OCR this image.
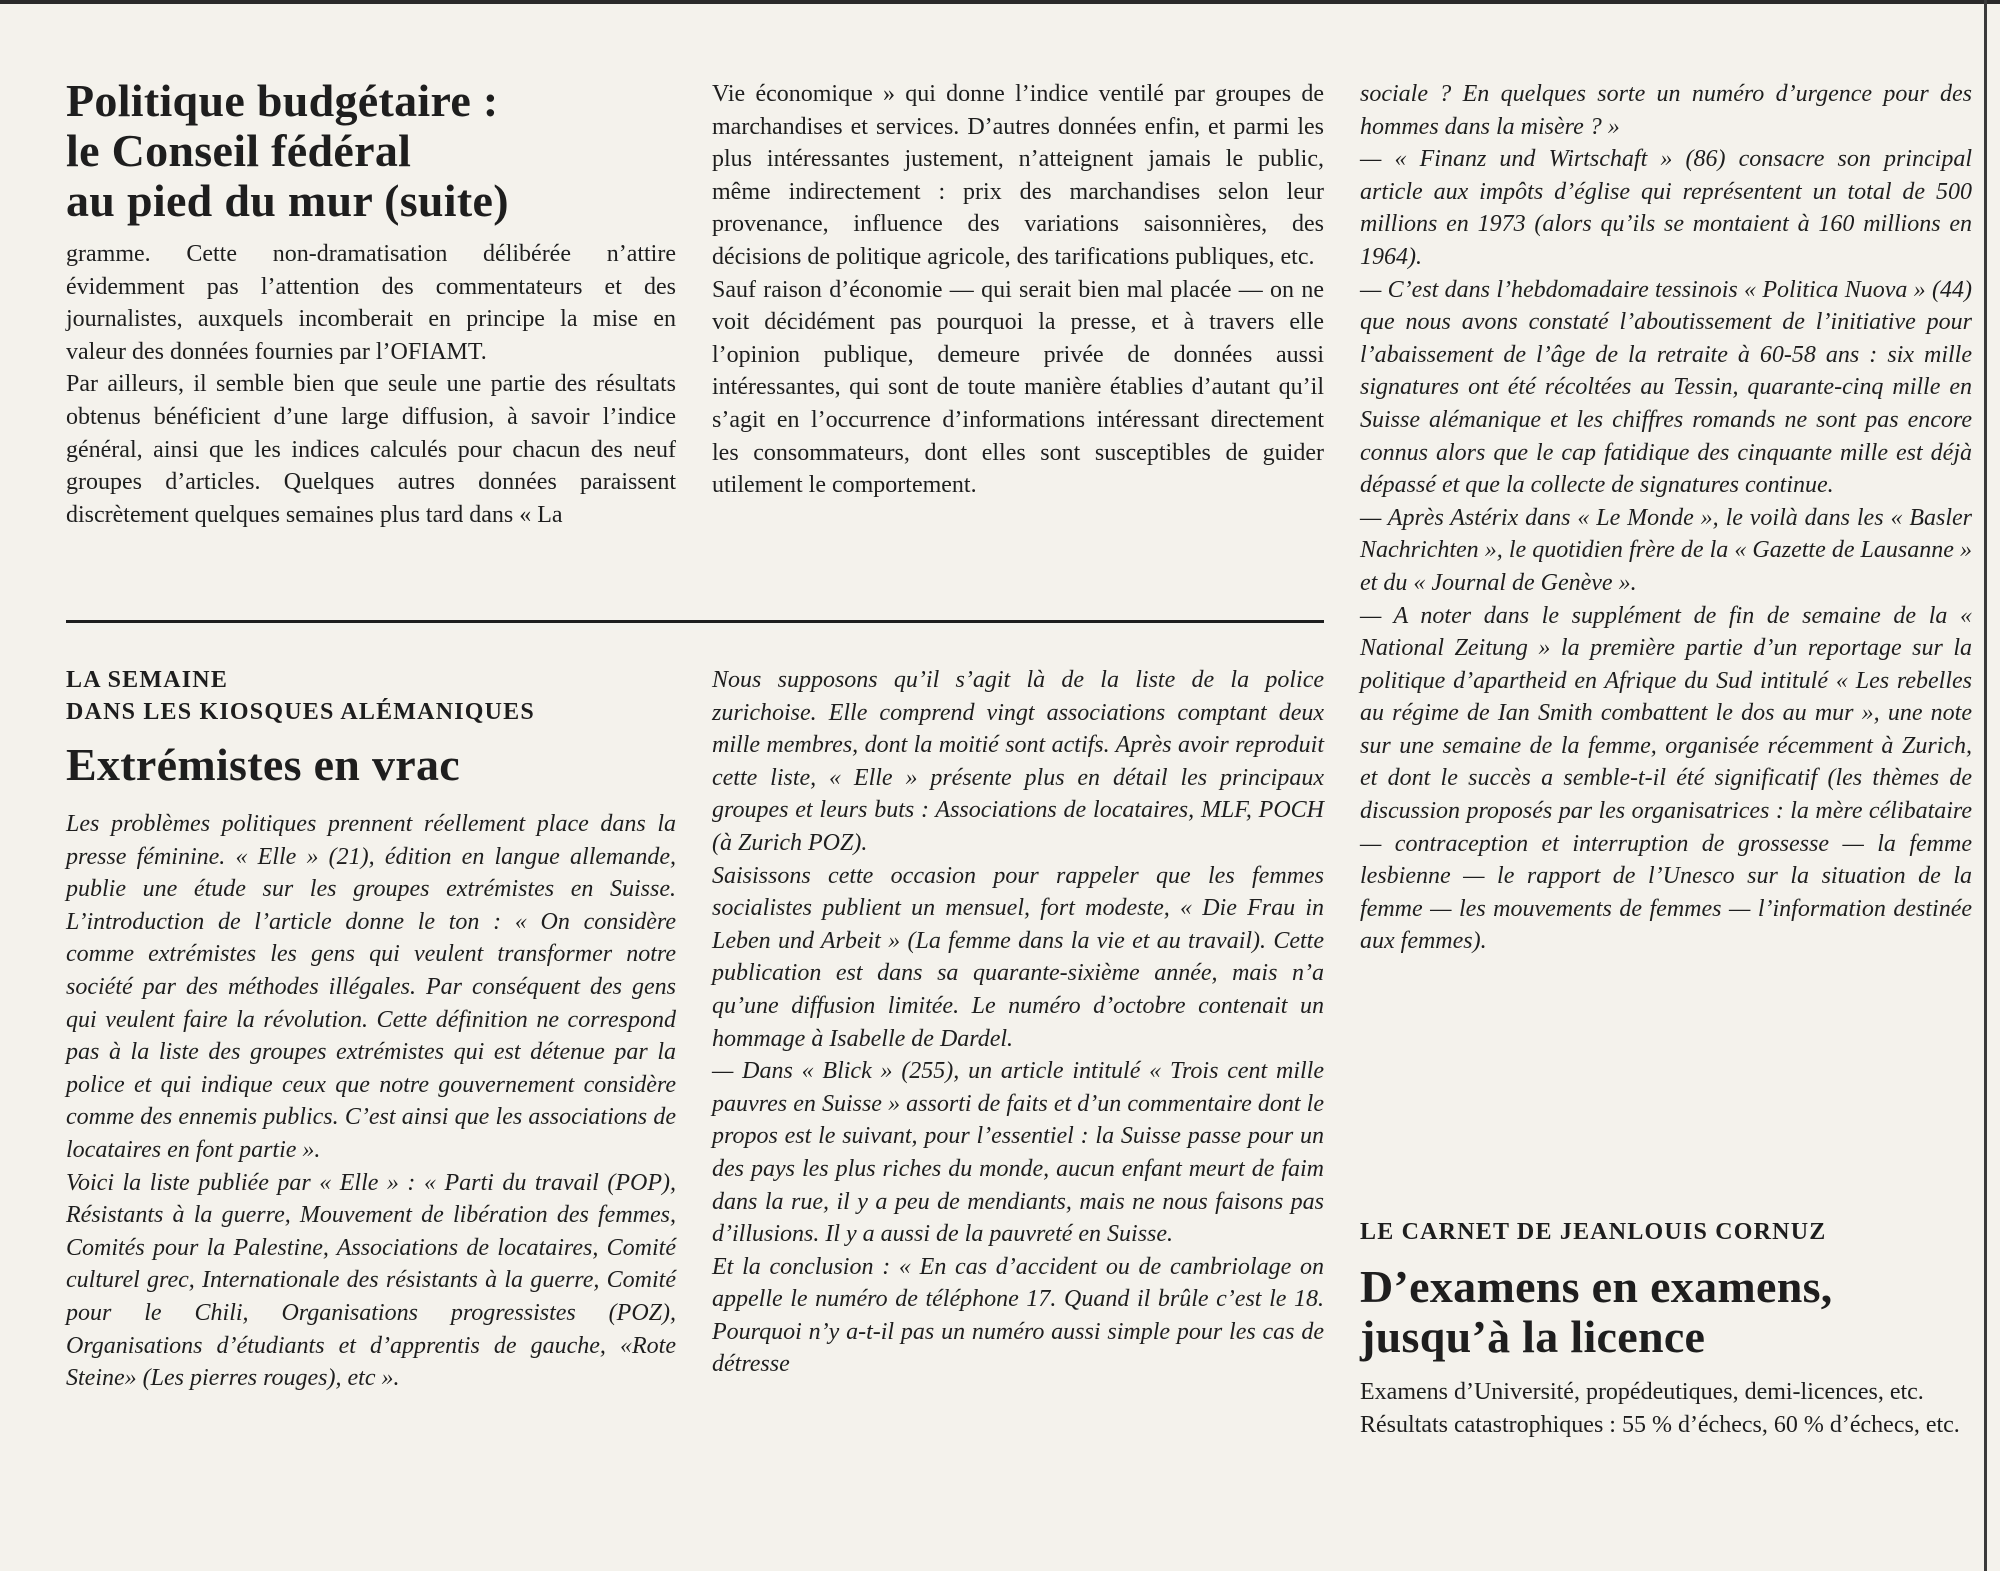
Politique budgétaire :
le Conseil fédéral
au pied du mur (suite)

gramme. Cette non-dramatisation délibérée n’attire évidemment pas l’attention des commentateurs et des journalistes, auxquels incomberait en principe la mise en valeur des données fournies par l’OFIAMT.

Par ailleurs, il semble bien que seule une partie des résultats obtenus bénéficient d’une large diffusion, à savoir l’indice général, ainsi que les indices calculés pour chacun des neuf groupes d’articles. Quelques autres données paraissent discrètement quelques semaines plus tard dans « La

Vie économique » qui donne l’indice ventilé par groupes de marchandises et services. D’autres données enfin, et parmi les plus intéressantes justement, n’atteignent jamais le public, même indirectement : prix des marchandises selon leur provenance, influence des variations saisonnières, des décisions de politique agricole, des tarifications publiques, etc.

Sauf raison d’économie — qui serait bien mal placée — on ne voit décidément pas pourquoi la presse, et à travers elle l’opinion publique, demeure privée de données aussi intéressantes, qui sont de toute manière établies d’autant qu’il s’agit en l’occurrence d’informations intéressant directement les consommateurs, dont elles sont susceptibles de guider utilement le comportement.

LA SEMAINE
DANS LES KIOSQUES ALÉMANIQUES

Extrémistes en vrac

Les problèmes politiques prennent réellement place dans la presse féminine. « Elle » (21), édition en langue allemande, publie une étude sur les groupes extrémistes en Suisse. L’introduction de l’article donne le ton : « On considère comme extrémistes les gens qui veulent transformer notre société par des méthodes illégales. Par conséquent des gens qui veulent faire la révolution. Cette définition ne correspond pas à la liste des groupes extrémistes qui est détenue par la police et qui indique ceux que notre gouvernement considère comme des ennemis publics. C’est ainsi que les associations de locataires en font partie ».

Voici la liste publiée par « Elle » : « Parti du travail (POP), Résistants à la guerre, Mouvement de libération des femmes, Comités pour la Palestine, Associations de locataires, Comité culturel grec, Internationale des résistants à la guerre, Comité pour le Chili, Organisations progressistes (POZ), Organisations d’étudiants et d’apprentis de gauche, «Rote Steine» (Les pierres rouges), etc ».

Nous supposons qu’il s’agit là de la liste de la police zurichoise. Elle comprend vingt associations comptant deux mille membres, dont la moitié sont actifs. Après avoir reproduit cette liste, « Elle » présente plus en détail les principaux groupes et leurs buts : Associations de locataires, MLF, POCH (à Zurich POZ).

Saisissons cette occasion pour rappeler que les femmes socialistes publient un mensuel, fort modeste, « Die Frau in Leben und Arbeit » (La femme dans la vie et au travail). Cette publication est dans sa quarante-sixième année, mais n’a qu’une diffusion limitée. Le numéro d’octobre contenait un hommage à Isabelle de Dardel.

— Dans « Blick » (255), un article intitulé « Trois cent mille pauvres en Suisse » assorti de faits et d’un commentaire dont le propos est le suivant, pour l’essentiel : la Suisse passe pour un des pays les plus riches du monde, aucun enfant meurt de faim dans la rue, il y a peu de mendiants, mais ne nous faisons pas d’illusions. Il y a aussi de la pauvreté en Suisse.

Et la conclusion : « En cas d’accident ou de cambriolage on appelle le numéro de téléphone 17. Quand il brûle c’est le 18. Pourquoi n’y a-t-il pas un numéro aussi simple pour les cas de détresse

sociale ? En quelques sorte un numéro d’urgence pour des hommes dans la misère ? »

— « Finanz und Wirtschaft » (86) consacre son principal article aux impôts d’église qui représentent un total de 500 millions en 1973 (alors qu’ils se montaient à 160 millions en 1964).

— C’est dans l’hebdomadaire tessinois « Politica Nuova » (44) que nous avons constaté l’aboutissement de l’initiative pour l’abaissement de l’âge de la retraite à 60-58 ans : six mille signatures ont été récoltées au Tessin, quarante-cinq mille en Suisse alémanique et les chiffres romands ne sont pas encore connus alors que le cap fatidique des cinquante mille est déjà dépassé et que la collecte de signatures continue.

— Après Astérix dans « Le Monde », le voilà dans les « Basler Nachrichten », le quotidien frère de la « Gazette de Lausanne » et du « Journal de Genève ».

— A noter dans le supplément de fin de semaine de la « National Zeitung » la première partie d’un reportage sur la politique d’apartheid en Afrique du Sud intitulé « Les rebelles au régime de Ian Smith combattent le dos au mur », une note sur une semaine de la femme, organisée récemment à Zurich, et dont le succès a semble-t-il été significatif (les thèmes de discussion proposés par les organisatrices : la mère célibataire — contraception et interruption de grossesse — la femme lesbienne — le rapport de l’Unesco sur la situation de la femme — les mouvements de femmes — l’information destinée aux femmes).

LE CARNET DE JEANLOUIS CORNUZ

D’examens en examens,
jusqu’à la licence

Examens d’Université, propédeutiques, demi-licences, etc.

Résultats catastrophiques : 55 % d’échecs, 60 % d’échecs, etc.
